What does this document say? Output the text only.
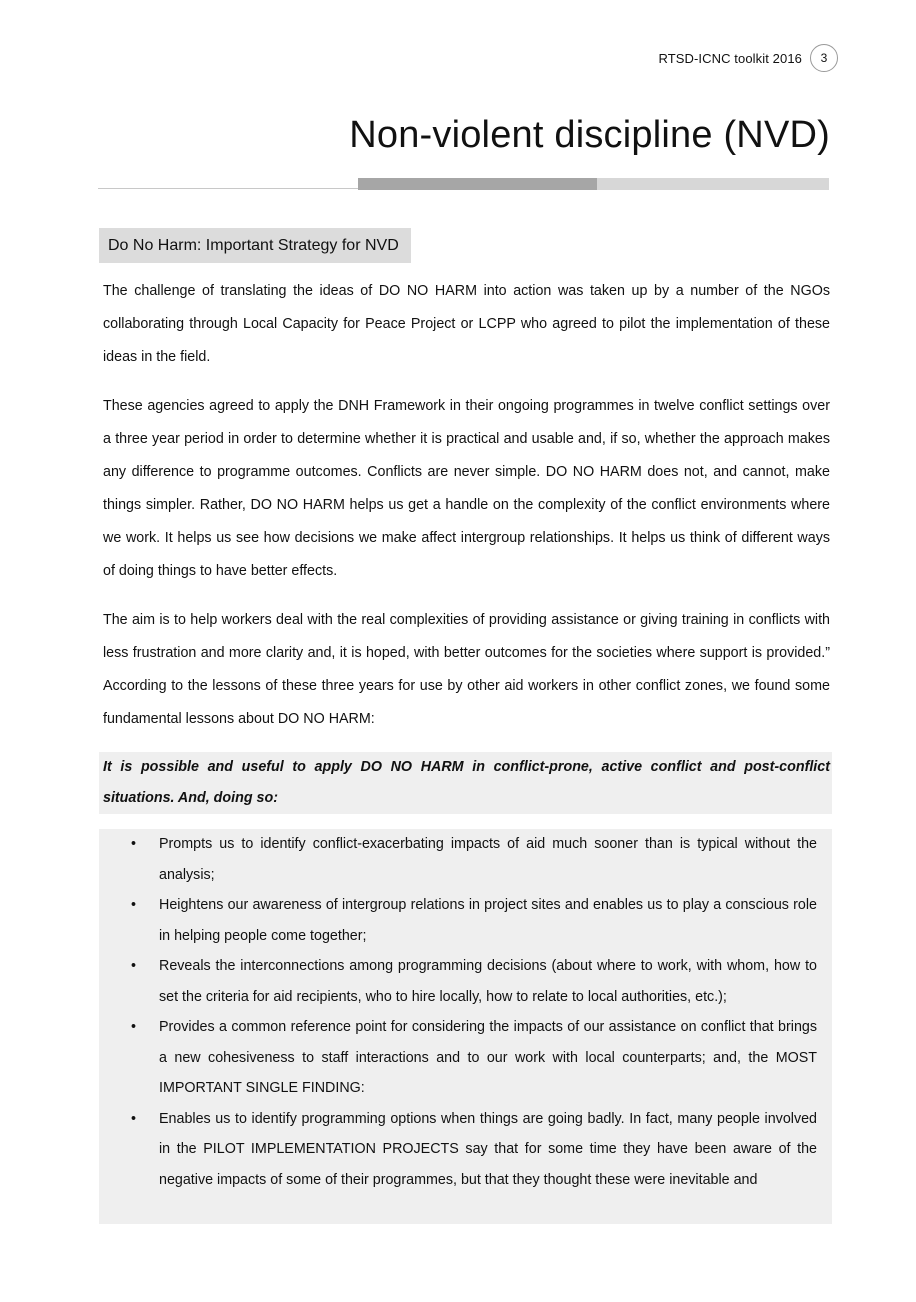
RTSD-ICNC toolkit 2016	3
Non-violent discipline (NVD)
Do No Harm: Important Strategy for NVD

The challenge of translating the ideas of DO NO HARM into action was taken up by a number of the NGOs collaborating through Local Capacity for Peace Project or LCPP who agreed to pilot the implementation of these ideas in the field.

These agencies agreed to apply the DNH Framework in their ongoing programmes in twelve conflict settings over a three year period in order to determine whether it is practical and usable and, if so, whether the approach makes any difference to programme outcomes. Conflicts are never simple. DO NO HARM does not, and cannot, make things simpler. Rather, DO NO HARM helps us get a handle on the complexity of the conflict environments where we work. It helps us see how decisions we make affect intergroup relationships. It helps us think of different ways of doing things to have better effects.

The aim is to help workers deal with the real complexities of providing assistance or giving training in conflicts with less frustration and more clarity and, it is hoped, with better outcomes for the societies where support is provided.” According to the lessons of these three years for use by other aid workers in other conflict zones, we found some fundamental lessons about DO NO HARM:

It is possible and useful to apply DO NO HARM in conflict-prone, active conflict and post-conflict situations. And, doing so:

• Prompts us to identify conflict-exacerbating impacts of aid much sooner than is typical without the analysis;
• Heightens our awareness of intergroup relations in project sites and enables us to play a conscious role in helping people come together;
• Reveals the interconnections among programming decisions (about where to work, with whom, how to set the criteria for aid recipients, who to hire locally, how to relate to local authorities, etc.);
• Provides a common reference point for considering the impacts of our assistance on conflict that brings a new cohesiveness to staff interactions and to our work with local counterparts; and, the MOST IMPORTANT SINGLE FINDING:
• Enables us to identify programming options when things are going badly. In fact, many people involved in the PILOT IMPLEMENTATION PROJECTS say that for some time they have been aware of the negative impacts of some of their programmes, but that they thought these were inevitable and
